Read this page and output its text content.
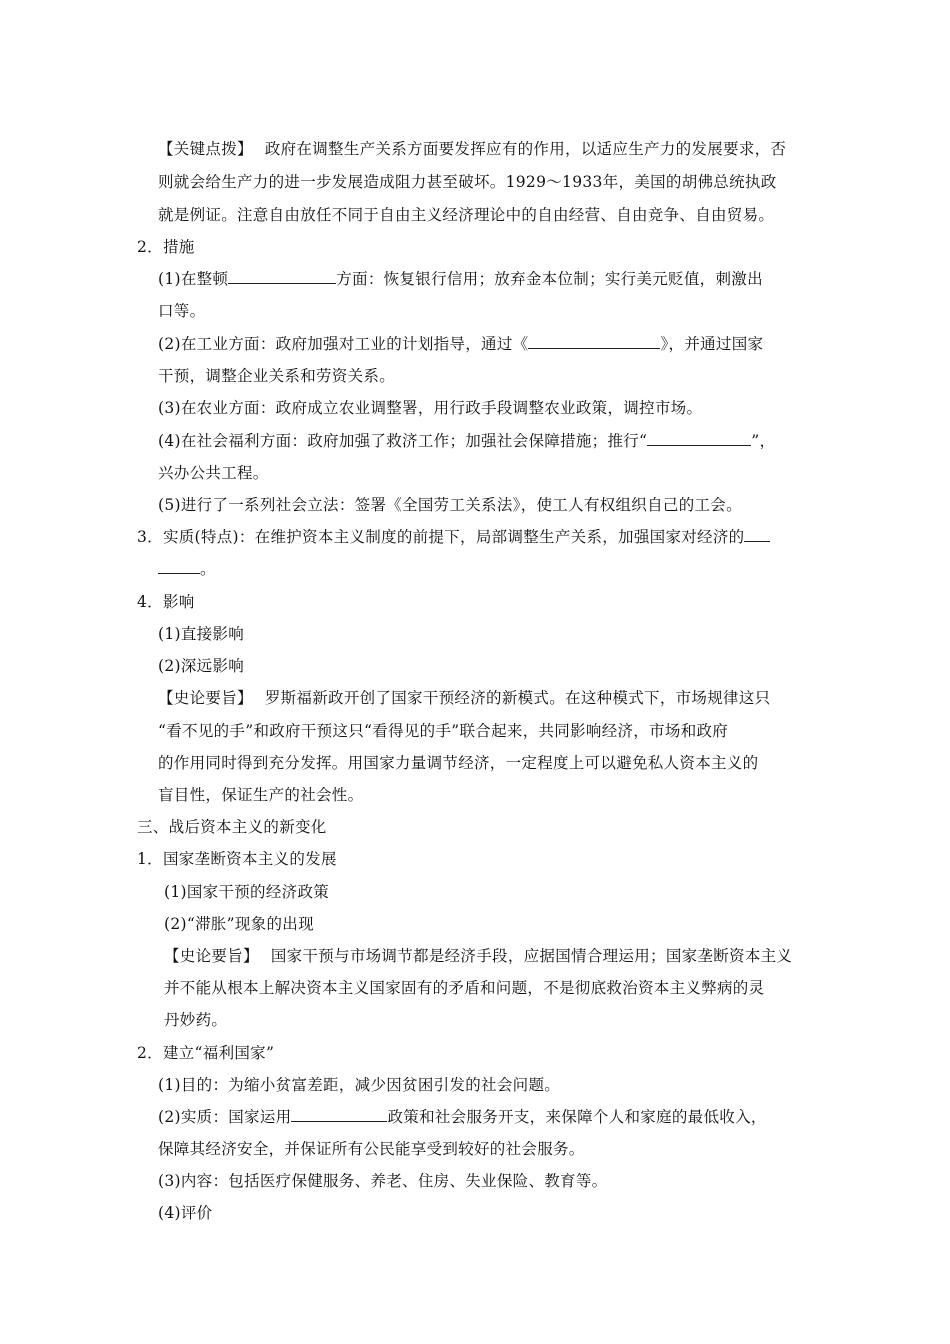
【关键点拨】 政府在调整生产关系方面要发挥应有的作用，以适应生产力的发展要求，否
则就会给生产力的进一步发展造成阻力甚至破坏。1929～1933年，美国的胡佛总统执政
就是例证。注意自由放任不同于自由主义经济理论中的自由经营、自由竞争、自由贸易。
2．措施
(1)在整顿	方面：恢复银行信用；放弃金本位制；实行美元贬值，刺激出
口等。
(2)在工业方面：政府加强对工业的计划指导，通过《	》，并通过国家
干预，调整企业关系和劳资关系。
(3)在农业方面：政府成立农业调整署，用行政手段调整农业政策，调控市场。
(4)在社会福利方面：政府加强了救济工作；加强社会保障措施；推行“	”，
兴办公共工程。
(5)进行了一系列社会立法：签署《全国劳工关系法》，使工人有权组织自己的工会。
3．实质(特点)：在维护资本主义制度的前提下，局部调整生产关系，加强国家对经济的
。
4．影响
(1)直接影响
(2)深远影响
【史论要旨】 罗斯福新政开创了国家干预经济的新模式。在这种模式下，市场规律这只
“看不见的手”和政府干预这只“看得见的手”联合起来，共同影响经济，市场和政府
的作用同时得到充分发挥。用国家力量调节经济，一定程度上可以避免私人资本主义的
盲目性，保证生产的社会性。
三、战后资本主义的新变化
1．国家垄断资本主义的发展
(1)国家干预的经济政策
(2)“滞胀”现象的出现
【史论要旨】 国家干预与市场调节都是经济手段，应据国情合理运用；国家垄断资本主义
并不能从根本上解决资本主义国家固有的矛盾和问题，不是彻底救治资本主义弊病的灵
丹妙药。
2．建立“福利国家”
(1)目的：为缩小贫富差距，减少因贫困引发的社会问题。
(2)实质：国家运用	政策和社会服务开支，来保障个人和家庭的最低收入，
保障其经济安全，并保证所有公民能享受到较好的社会服务。
(3)内容：包括医疗保健服务、养老、住房、失业保险、教育等。
(4)评价
